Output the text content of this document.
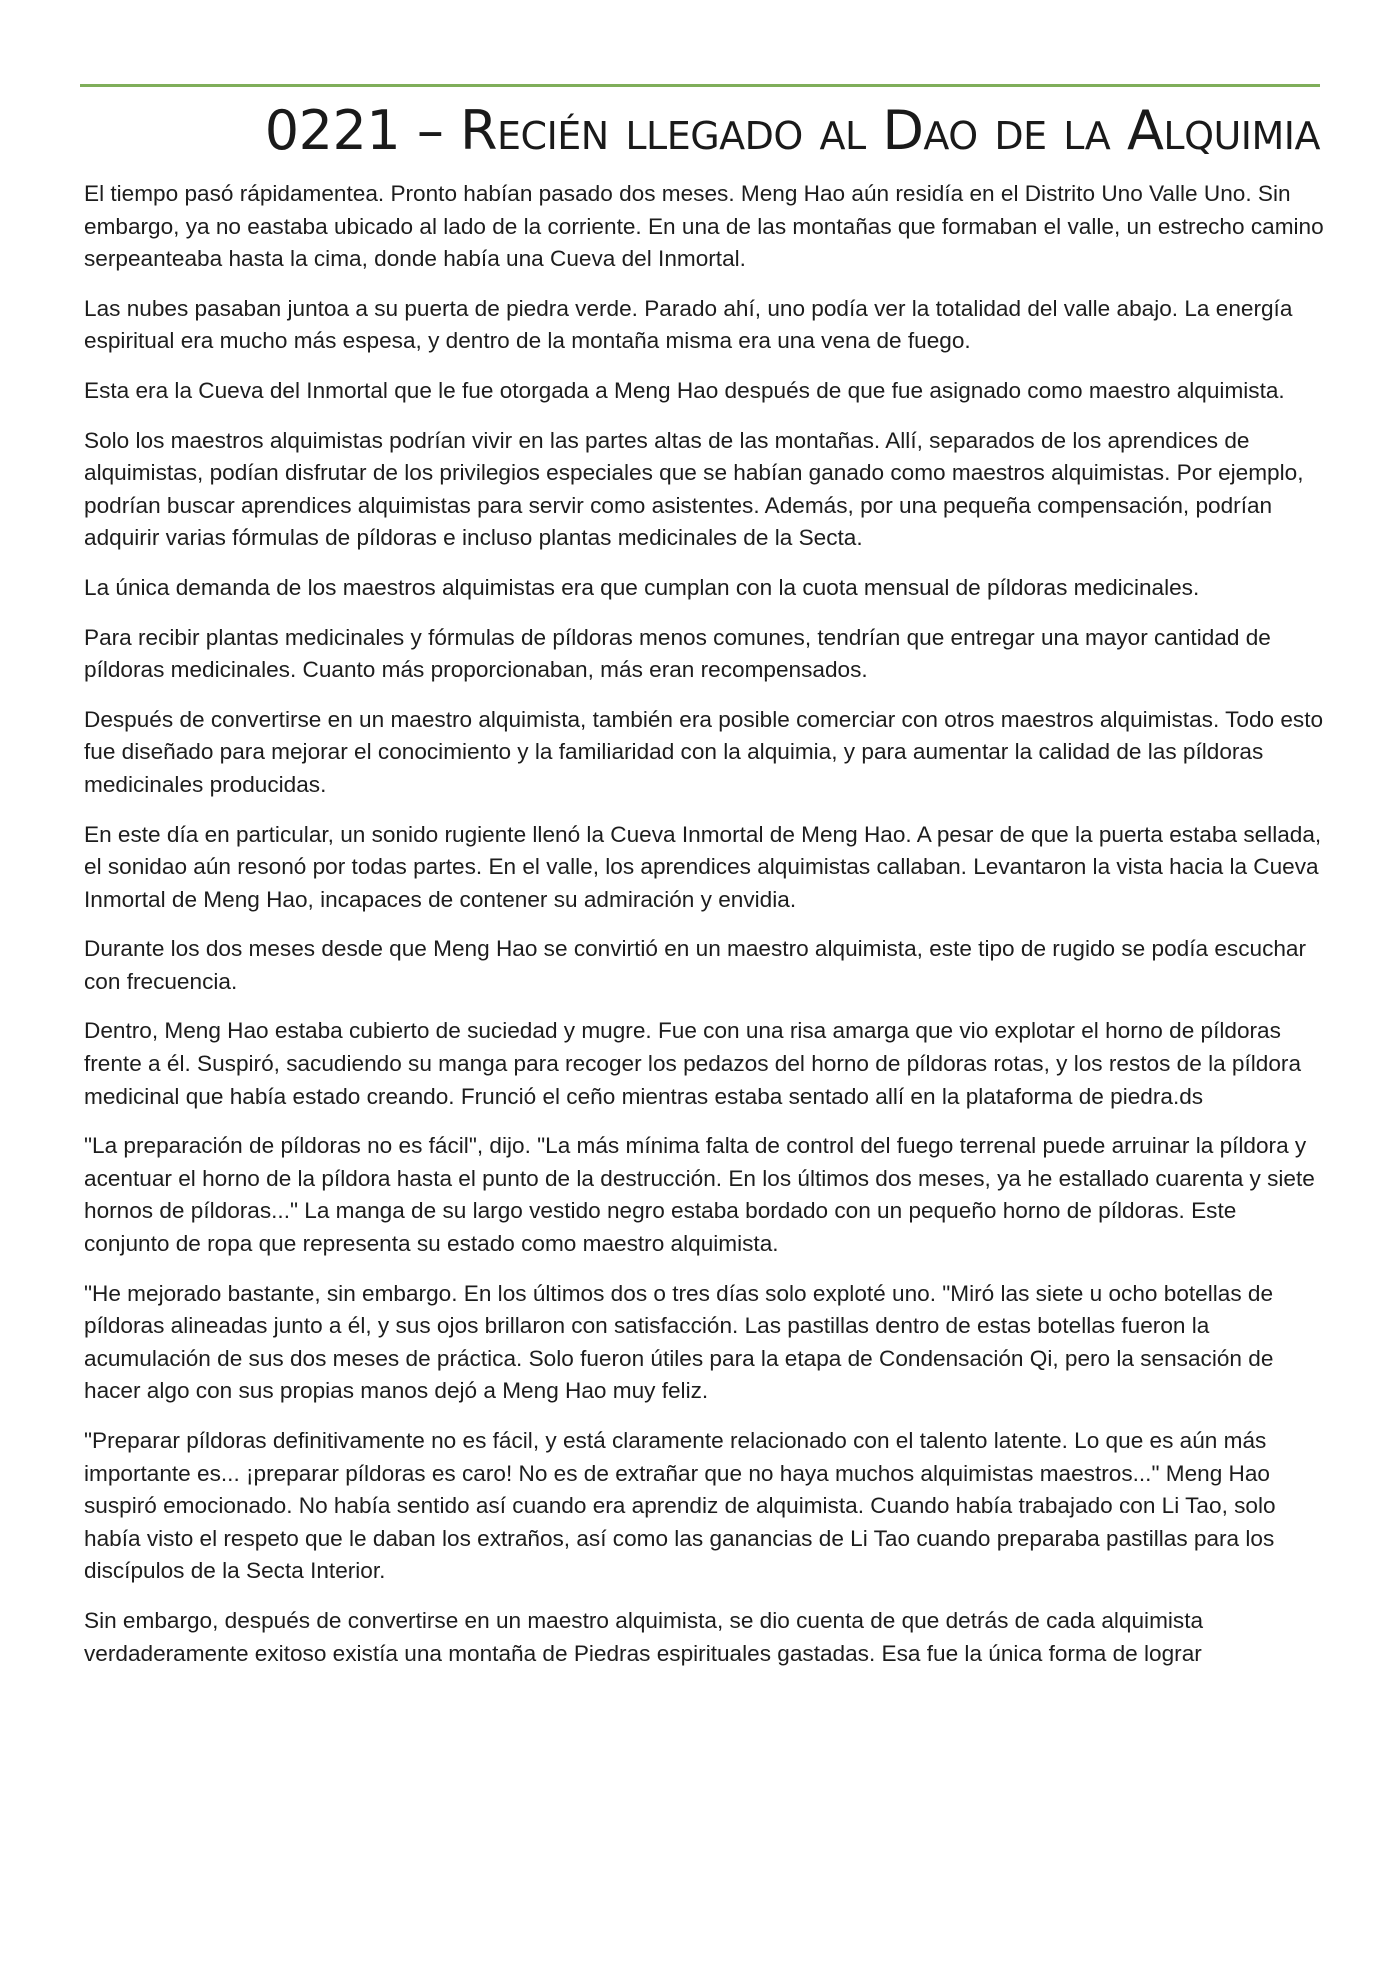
0221 – Recién llegado al Dao de la Alquimia

El tiempo pasó rápidamentea. Pronto habían pasado dos meses. Meng Hao aún residía en el Distrito Uno Valle Uno. Sin embargo, ya no eastaba ubicado al lado de la corriente. En una de las montañas que formaban el valle, un estrecho camino serpeanteaba hasta la cima, donde había una Cueva del Inmortal.

Las nubes pasaban juntoa a su puerta de piedra verde. Parado ahí, uno podía ver la totalidad del valle abajo. La energía espiritual era mucho más espesa, y dentro de la montaña misma era una vena de fuego.

Esta era la Cueva del Inmortal que le fue otorgada a Meng Hao después de que fue asignado como maestro alquimista.

Solo los maestros alquimistas podrían vivir en las partes altas de las montañas. Allí, separados de los aprendices de alquimistas, podían disfrutar de los privilegios especiales que se habían ganado como maestros alquimistas. Por ejemplo, podrían buscar aprendices alquimistas para servir como asistentes. Además, por una pequeña compensación, podrían adquirir varias fórmulas de píldoras e incluso plantas medicinales de la Secta.

La única demanda de los maestros alquimistas era que cumplan con la cuota mensual de píldoras medicinales.

Para recibir plantas medicinales y fórmulas de píldoras menos comunes, tendrían que entregar una mayor cantidad de píldoras medicinales. Cuanto más proporcionaban, más eran recompensados.

Después de convertirse en un maestro alquimista, también era posible comerciar con otros maestros alquimistas. Todo esto fue diseñado para mejorar el conocimiento y la familiaridad con la alquimia, y para aumentar la calidad de las píldoras medicinales producidas.

En este día en particular, un sonido rugiente llenó la Cueva Inmortal de Meng Hao. A pesar de que la puerta estaba sellada, el sonidao aún resonó por todas partes. En el valle, los aprendices alquimistas callaban. Levantaron la vista hacia la Cueva Inmortal de Meng Hao, incapaces de contener su admiración y envidia.

Durante los dos meses desde que Meng Hao se convirtió en un maestro alquimista, este tipo de rugido se podía escuchar con frecuencia.

Dentro, Meng Hao estaba cubierto de suciedad y mugre. Fue con una risa amarga que vio explotar el horno de píldoras frente a él. Suspiró, sacudiendo su manga para recoger los pedazos del horno de píldoras rotas, y los restos de la píldora medicinal que había estado creando. Frunció el ceño mientras estaba sentado allí en la plataforma de piedra.ds

"La preparación de píldoras no es fácil", dijo. "La más mínima falta de control del fuego terrenal puede arruinar la píldora y acentuar el horno de la píldora hasta el punto de la destrucción. En los últimos dos meses, ya he estallado cuarenta y siete hornos de píldoras..." La manga de su largo vestido negro estaba bordado con un pequeño horno de píldoras. Este conjunto de ropa que representa su estado como maestro alquimista.

"He mejorado bastante, sin embargo. En los últimos dos o tres días solo exploté uno. "Miró las siete u ocho botellas de píldoras alineadas junto a él, y sus ojos brillaron con satisfacción. Las pastillas dentro de estas botellas fueron la acumulación de sus dos meses de práctica. Solo fueron útiles para la etapa de Condensación Qi, pero la sensación de hacer algo con sus propias manos dejó a Meng Hao muy feliz.

"Preparar píldoras definitivamente no es fácil, y está claramente relacionado con el talento latente. Lo que es aún más importante es... ¡preparar píldoras es caro! No es de extrañar que no haya muchos alquimistas maestros..." Meng Hao suspiró emocionado. No había sentido así cuando era aprendiz de alquimista. Cuando había trabajado con Li Tao, solo había visto el respeto que le daban los extraños, así como las ganancias de Li Tao cuando preparaba pastillas para los discípulos de la Secta Interior.

Sin embargo, después de convertirse en un maestro alquimista, se dio cuenta de que detrás de cada alquimista verdaderamente exitoso existía una montaña de Piedras espirituales gastadas. Esa fue la única forma de lograr
